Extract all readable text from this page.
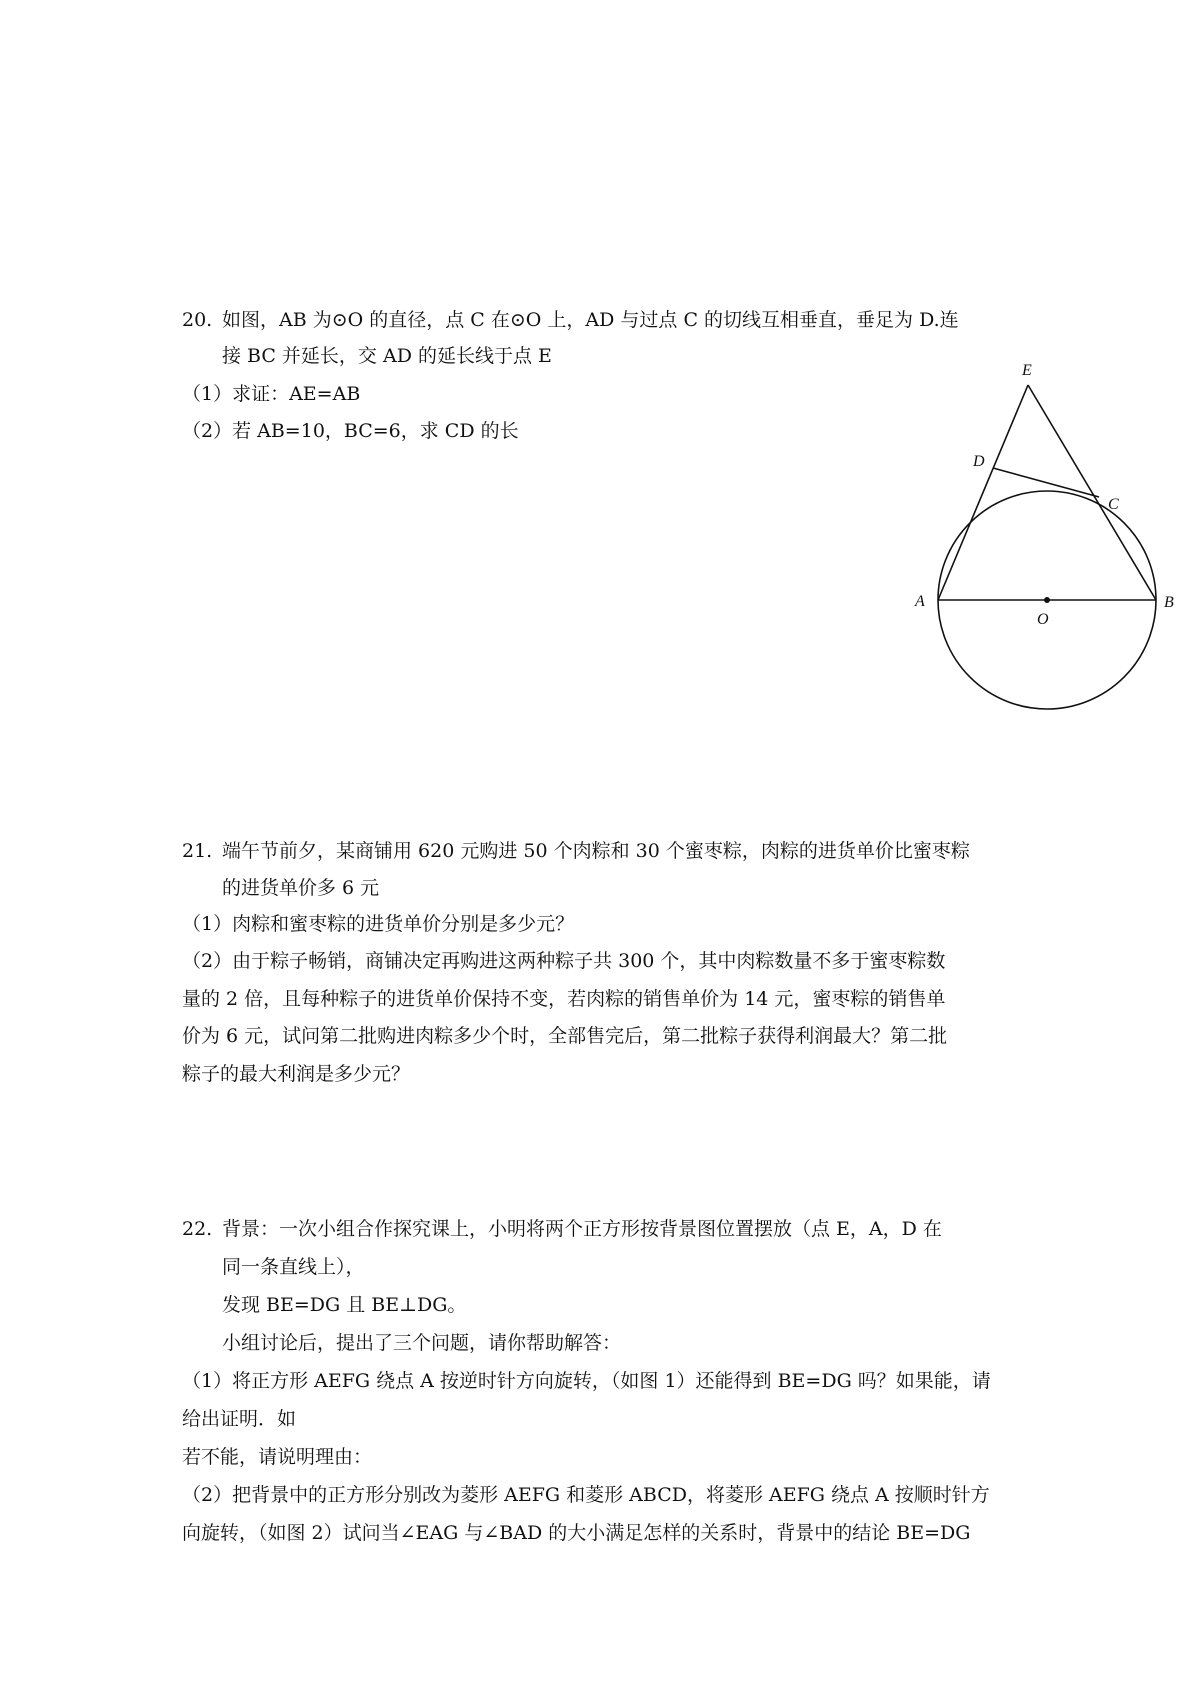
20. 如图，AB 为⊙O 的直径，点 C 在⊙O 上，AD 与过点 C 的切线互相垂直，垂足为 D.连
接 BC 并延长，交 AD 的延长线于点 E
（1）求证：AE=AB
（2）若 AB=10，BC=6，求 CD 的长
E
D
C
A
O
B
21. 端午节前夕，某商铺用 620 元购进 50 个肉粽和 30 个蜜枣粽，肉粽的进货单价比蜜枣粽
的进货单价多 6 元
（1）肉粽和蜜枣粽的进货单价分别是多少元？
（2）由于粽子畅销，商铺决定再购进这两种粽子共 300 个，其中肉粽数量不多于蜜枣粽数
量的 2 倍，且每种粽子的进货单价保持不变，若肉粽的销售单价为 14 元，蜜枣粽的销售单
价为 6 元，试问第二批购进肉粽多少个时，全部售完后，第二批粽子获得利润最大？第二批
粽子的最大利润是多少元？
22. 背景：一次小组合作探究课上，小明将两个正方形按背景图位置摆放（点 E，A，D 在
同一条直线上），
发现 BE=DG 且 BE⊥DG。
小组讨论后，提出了三个问题，请你帮助解答：
（1）将正方形 AEFG 绕点 A 按逆时针方向旋转，（如图 1）还能得到 BE=DG 吗？如果能，请
给出证明．如
若不能，请说明理由：
（2）把背景中的正方形分别改为菱形 AEFG 和菱形 ABCD，将菱形 AEFG 绕点 A 按顺时针方
向旋转，（如图 2）试问当∠EAG 与∠BAD 的大小满足怎样的关系时，背景中的结论 BE=DG
